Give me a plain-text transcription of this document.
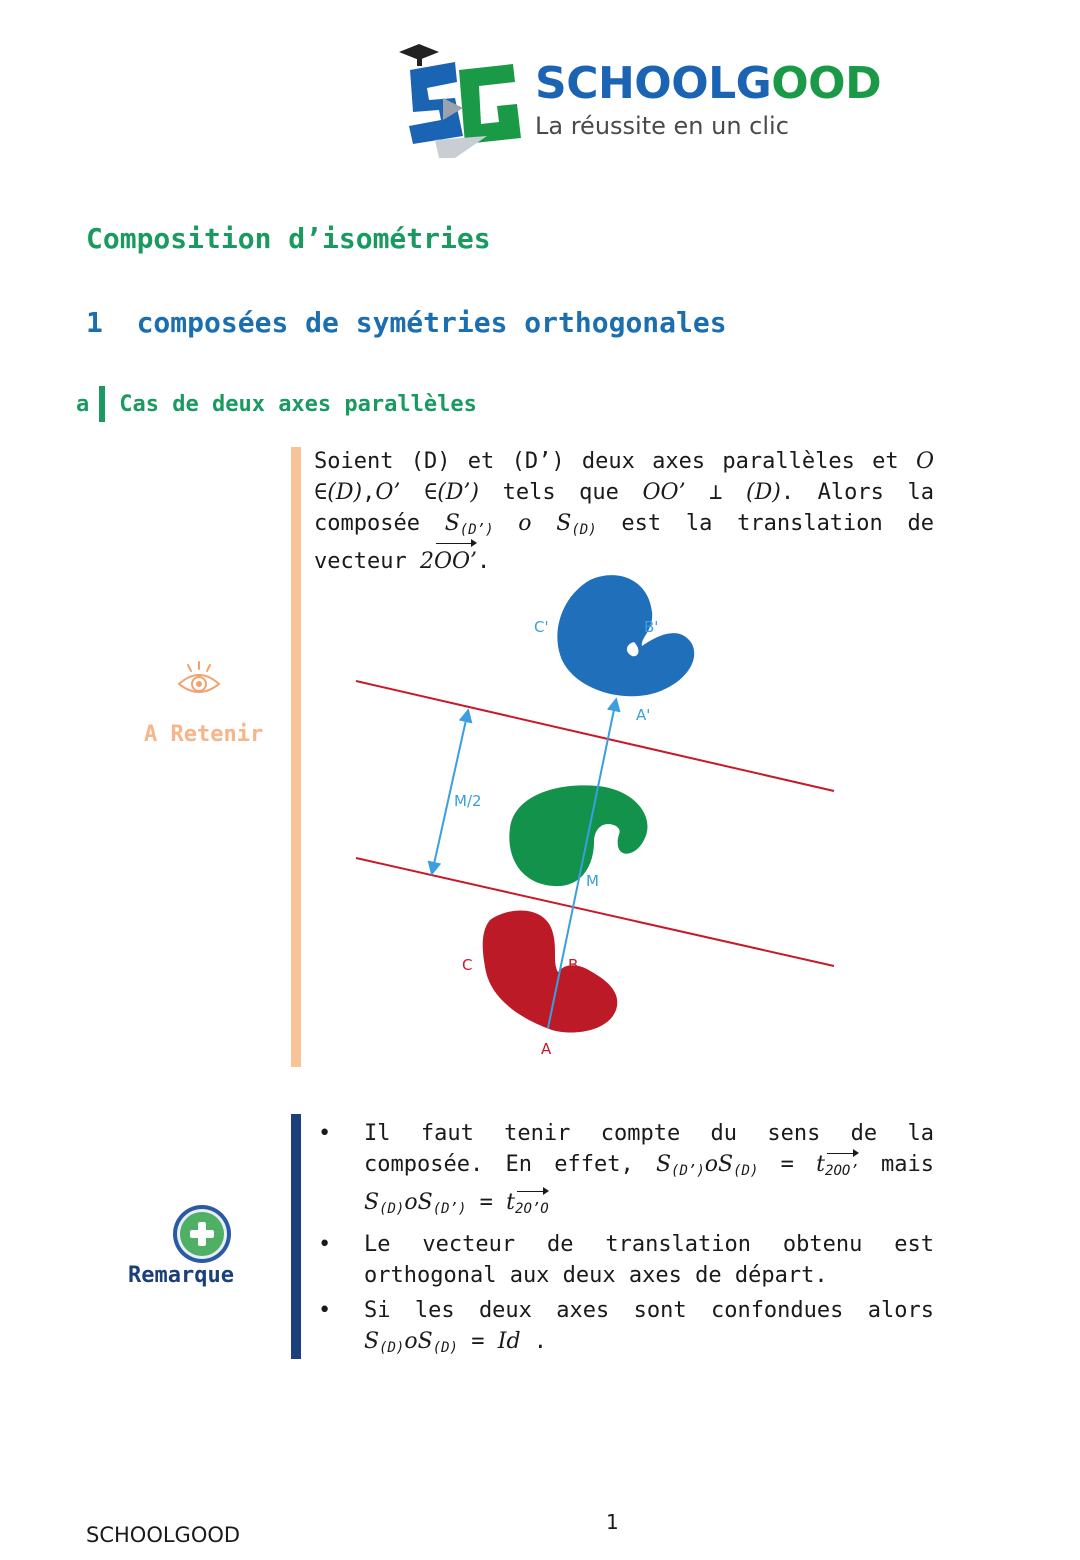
SCHOOLGOOD
La réussite en un clic
Composition d’isométries
1 composées de symétries orthogonales
a Cas de deux axes parallèles
A Retenir
Soient (D) et (D’) deux axes parallèles et O ∈(D),O’ ∈(D’) tels que OO’ ⊥ (D). Alors la composée $S_{(D’)}$ o $S_{(D)}$ est la translation de vecteur 2OO’.
C'	B'
A'
M/2
M
C	B
A
Remarque
• Il faut tenir compte du sens de la composée. En effet, $S_{(D’)}oS_{(D)} = t2OO$’ mais $S_{(D)}oS_{(D’)}$ = t2O’O
• Le vecteur de translation obtenu est orthogonal aux deux axes de départ.
• Si les deux axes sont confondues alors $S_{(D)}oS_{(D)} = Id$ .
1
SCHOOLGOOD
